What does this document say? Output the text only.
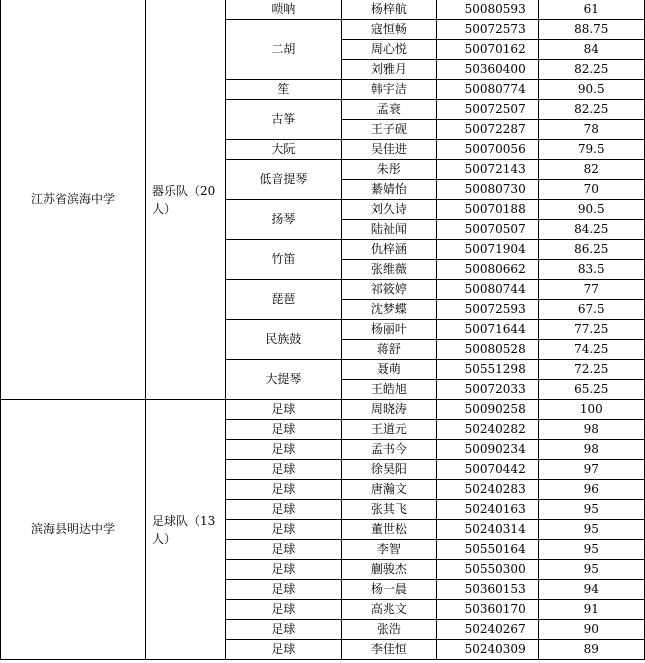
江苏省滨海中学	器乐队（20人）	唢呐	杨梓航	50080593	61
		二胡	寇恒畅	50072573	88.75
			周心悦	50070162	84
			刘雅月	50360400	82.25
		笙	韩宇洁	50080774	90.5
		古筝	孟衰	50072507	82.25
			王子砚	50072287	78
		大阮	吴佳进	50070056	79.5
		低音提琴	朱彤	50072143	82
			綦婧怡	50080730	70
		扬琴	刘久诗	50070188	90.5
			陆祉闻	50070507	84.25
		竹笛	仇梓涵	50071904	86.25
			张维薇	50080662	83.5
		琵琶	祁筱婷	50080744	77
			沈梦蝶	50072593	67.5
		民族鼓	杨丽叶	50071644	77.25
			蒋舒	50080528	74.25
		大提琴	聂萌	50551298	72.25
			王皓旭	50072033	65.25
滨海县明达中学	足球队（13人）	足球	周晓涛	50090258	100
		足球	王道元	50240282	98
		足球	孟书今	50090234	98
		足球	徐昊阳	50070442	97
		足球	唐瀚文	50240283	96
		足球	张其飞	50240163	95
		足球	董世松	50240314	95
		足球	李智	50550164	95
		足球	蒯骏杰	50550300	95
		足球	杨一晨	50360153	94
		足球	高兆文	50360170	91
		足球	张浩	50240267	90
		足球	李佳恒	50240309	89
